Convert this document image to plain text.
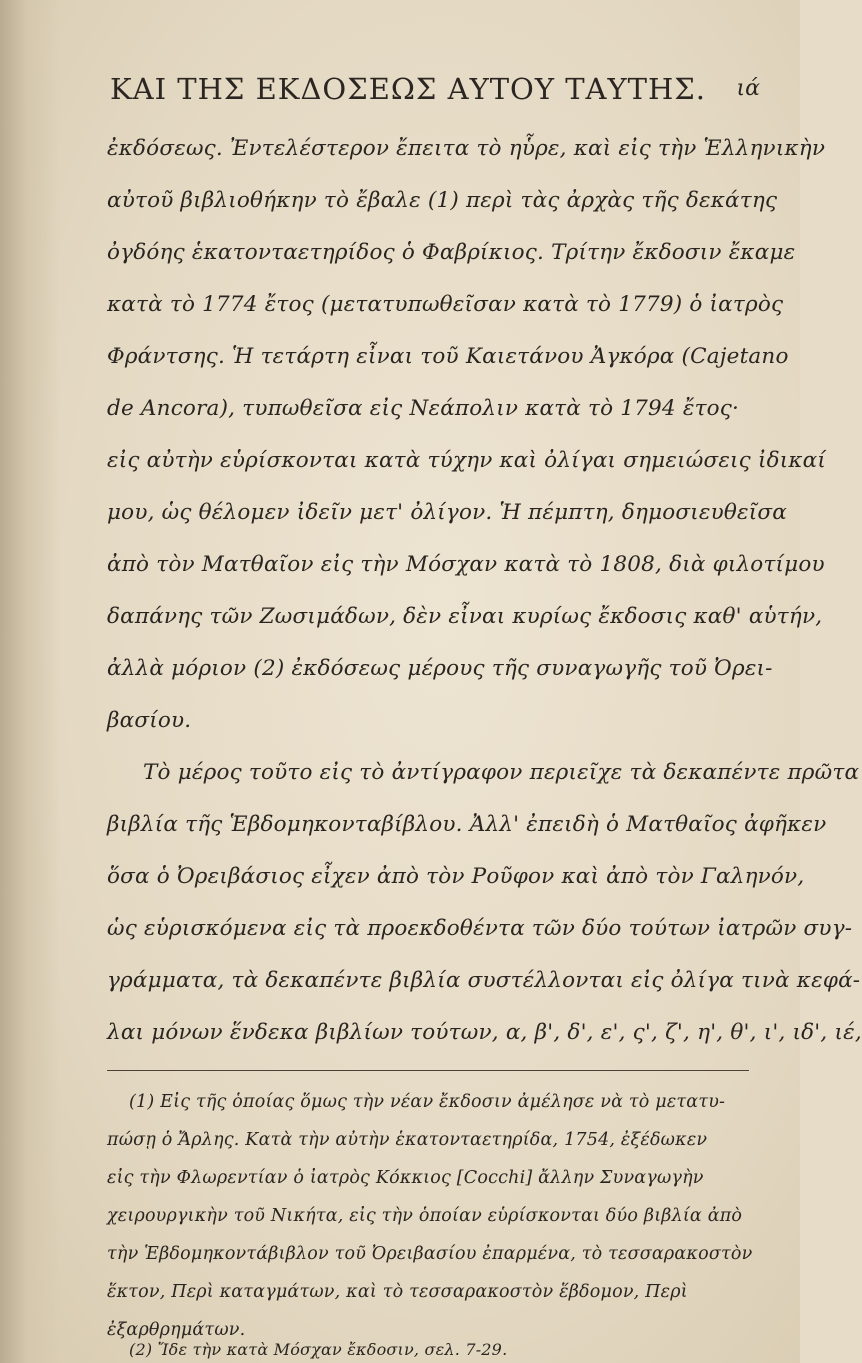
ΚΑΙ ΤΗΣ ΕΚΔΟΣΕΩΣ ΑΥΤΟΥ ΤΑΥΤΗΣ. ιά
ἐκδόσεως. Ἐντελέστερον ἔπειτα τὸ ηὗρε, καὶ εἰς τὴν Ἑλληνικὴν
αὐτοῦ βιβλιοθήκην τὸ ἔβαλε (1) περὶ τὰς ἀρχὰς τῆς δεκάτης
ὀγδόης ἑκατονταετηρίδος ὁ Φαβρίκιος. Τρίτην ἔκδοσιν ἔκαμε
κατὰ τὸ 1774 ἔτος (μετατυπωθεῖσαν κατὰ τὸ 1779) ὁ ἰατρὸς
Φράντσης. Ἡ τετάρτη εἶναι τοῦ Καιετάνου Ἀγκόρα (Cajetano
de Ancora), τυπωθεῖσα εἰς Νεάπολιν κατὰ τὸ 1794 ἔτος·
εἰς αὐτὴν εὑρίσκονται κατὰ τύχην καὶ ὀλίγαι σημειώσεις ἰδικαί
μου, ὡς θέλομεν ἰδεῖν μετ' ὀλίγον. Ἡ πέμπτη, δημοσιευθεῖσα
ἀπὸ τὸν Ματθαῖον εἰς τὴν Μόσχαν κατὰ τὸ 1808, διὰ φιλοτίμου
δαπάνης τῶν Ζωσιμάδων, δὲν εἶναι κυρίως ἔκδοσις καθ' αὑτήν,
ἀλλὰ μόριον (2) ἐκδόσεως μέρους τῆς συναγωγῆς τοῦ Ὀρει-
βασίου.
Τὸ μέρος τοῦτο εἰς τὸ ἀντίγραφον περιεῖχε τὰ δεκαπέντε πρῶτα
βιβλία τῆς Ἑβδομηκονταβίβλου. Ἀλλ' ἐπειδὴ ὁ Ματθαῖος ἀφῆκεν
ὅσα ὁ Ὀρειβάσιος εἶχεν ἀπὸ τὸν Ροῦφον καὶ ἀπὸ τὸν Γαληνόν,
ὡς εὑρισκόμενα εἰς τὰ προεκδοθέντα τῶν δύο τούτων ἰατρῶν συγ-
γράμματα, τὰ δεκαπέντε βιβλία συστέλλονται εἰς ὀλίγα τινὰ κεφά-
λαι μόνων ἕνδεκα βιβλίων τούτων, α, β', δ', ε', ς', ζ', η', θ', ι', ιδ', ιέ,
(1) Εἰς τῆς ὁποίας ὅμως τὴν νέαν ἔκδοσιν ἀμέλησε νὰ τὸ μετατυ-
πώσῃ ὁ Ἄρλης. Κατὰ τὴν αὐτὴν ἑκατονταετηρίδα, 1754, ἐξέδωκεν
εἰς τὴν Φλωρεντίαν ὁ ἰατρὸς Κόκκιος [Cocchi] ἄλλην Συναγωγὴν
χειρουργικὴν τοῦ Νικήτα, εἰς τὴν ὁποίαν εὑρίσκονται δύο βιβλία ἀπὸ
τὴν Ἑβδομηκοντάβιβλον τοῦ Ὀρειβασίου ἐπαρμένα, τὸ τεσσαρακοστὸν
ἕκτον, Περὶ καταγμάτων, καὶ τὸ τεσσαρακοστὸν ἕβδομον, Περὶ
ἐξαρθρημάτων.
(2) Ἴδε τὴν κατὰ Μόσχαν ἔκδοσιν, σελ. 7-29.
